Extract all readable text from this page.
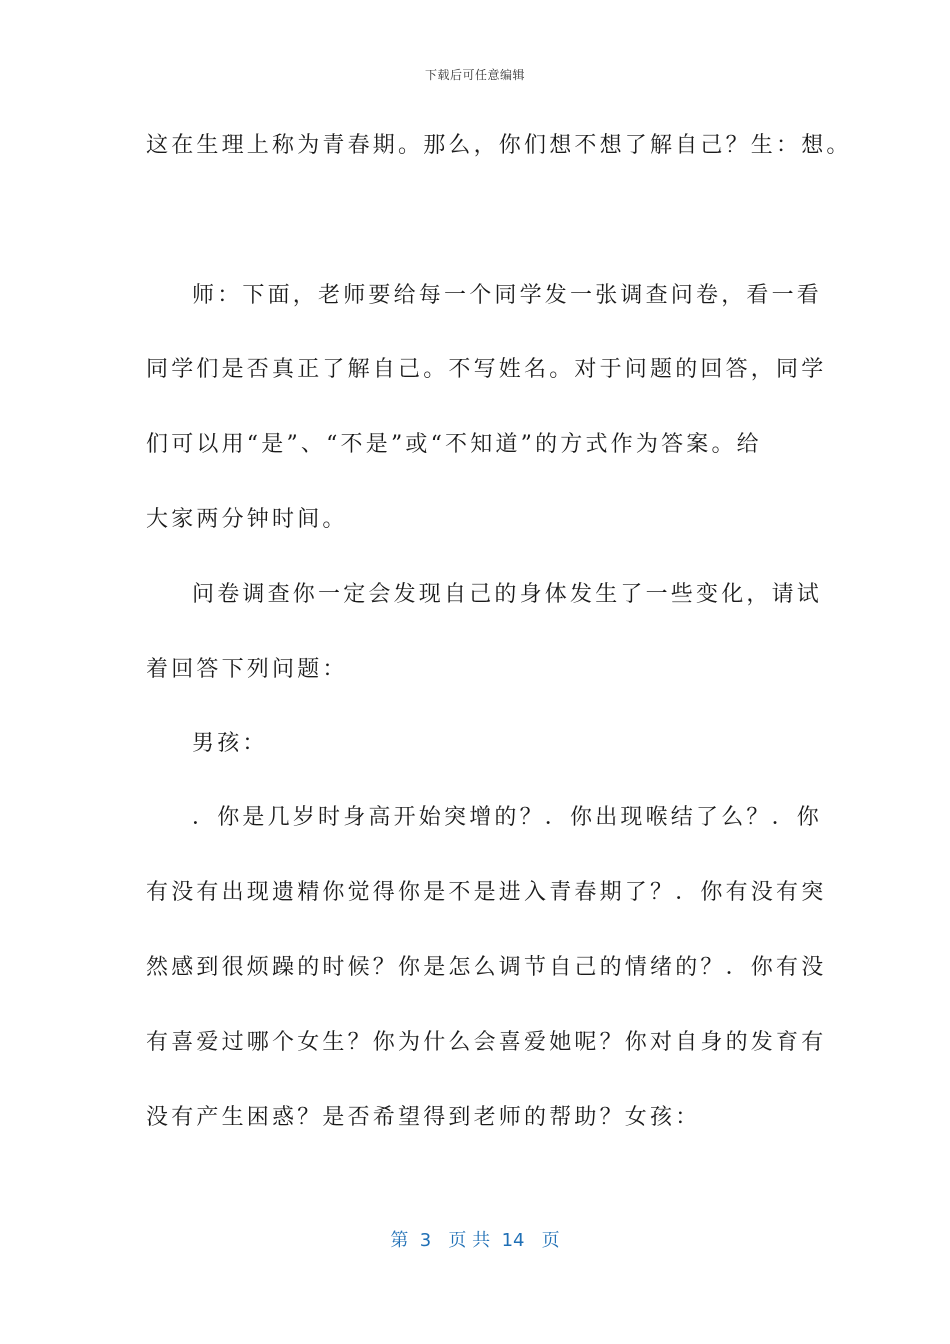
下载后可任意编辑
这在生理上称为青春期。那么，你们想不想了解自己？生：想。
师：下面，老师要给每一个同学发一张调查问卷，看一看
同学们是否真正了解自己。不写姓名。对于问题的回答，同学
们可以用“是”、“不是”或“不知道”的方式作为答案。给
大家两分钟时间。
问卷调查你一定会发现自己的身体发生了一些变化，请试
着回答下列问题：
男孩：
．你是几岁时身高开始突增的？．你出现喉结了么？．你
有没有出现遗精你觉得你是不是进入青春期了？．你有没有突
然感到很烦躁的时候？你是怎么调节自己的情绪的？．你有没
有喜爱过哪个女生？你为什么会喜爱她呢？你对自身的发育有
没有产生困惑？是否希望得到老师的帮助？女孩：
第  3   页 共  14   页
